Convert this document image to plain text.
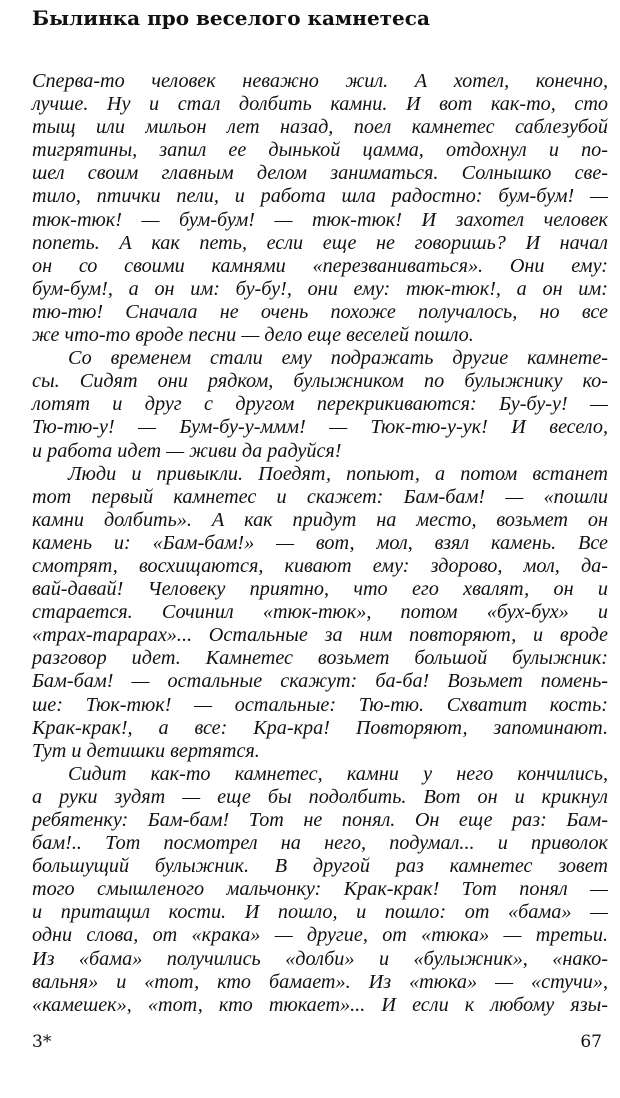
Былинка про веселого камнетеса
Сперва-то человек неважно жил. А хотел, конечно,
лучше. Ну и стал долбить камни. И вот как-то, сто
тыщ или мильон лет назад, поел камнетес саблезубой
тигрятины, запил ее дынькой цамма, отдохнул и по-
шел своим главным делом заниматься. Солнышко све-
тило, птички пели, и работа шла радостно: бум-бум! —
тюк-тюк! — бум-бум! — тюк-тюк! И захотел человек
попеть. А как петь, если еще не говоришь? И начал
он со своими камнями «перезваниваться». Они ему:
бум-бум!, а он им: бу-бу!, они ему: тюк-тюк!, а он им:
тю-тю! Сначала не очень похоже получалось, но все
же что-то вроде песни — дело еще веселей пошло.
Со временем стали ему подражать другие камнете-
сы. Сидят они рядком, булыжником по булыжнику ко-
лотят и друг с другом перекрикиваются: Бу-бу-у! —
Тю-тю-у! — Бум-бу-у-ммм! — Тюк-тю-у-ук! И весело,
и работа идет — живи да радуйся!
Люди и привыкли. Поедят, попьют, а потом встанет
тот первый камнетес и скажет: Бам-бам! — «пошли
камни долбить». А как придут на место, возьмет он
камень и: «Бам-бам!» — вот, мол, взял камень. Все
смотрят, восхищаются, кивают ему: здорово, мол, да-
вай-давай! Человеку приятно, что его хвалят, он и
старается. Сочинил «тюк-тюк», потом «бух-бух» и
«трах-тарарах»... Остальные за ним повторяют, и вроде
разговор идет. Камнетес возьмет большой булыжник:
Бам-бам! — остальные скажут: ба-ба! Возьмет помень-
ше: Тюк-тюк! — остальные: Тю-тю. Схватит кость:
Крак-крак!, а все: Кра-кра! Повторяют, запоминают.
Тут и детишки вертятся.
Сидит как-то камнетес, камни у него кончились,
а руки зудят — еще бы подолбить. Вот он и крикнул
ребятенку: Бам-бам! Тот не понял. Он еще раз: Бам-
бам!.. Тот посмотрел на него, подумал... и приволок
большущий булыжник. В другой раз камнетес зовет
того смышленого мальчонку: Крак-крак! Тот понял —
и притащил кости. И пошло, и пошло: от «бама» —
одни слова, от «крака» — другие, от «тюка» — третьи.
Из «бама» получились «долби» и «булыжник», «нако-
вальня» и «тот, кто бамает». Из «тюка» — «стучи»,
«камешек», «тот, кто тюкает»... И если к любому язы-
3*	67
